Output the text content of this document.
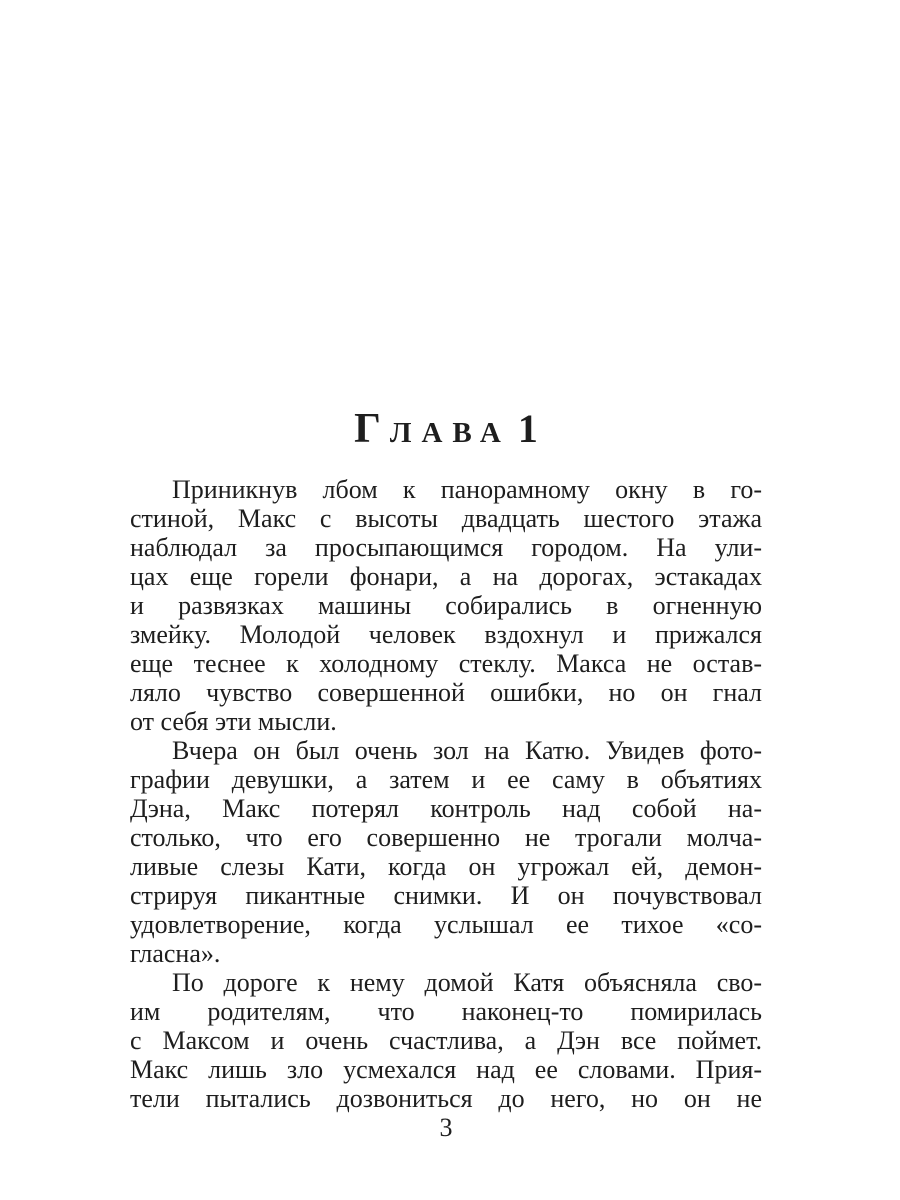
Г ЛАВА 1

Приникнув лбом к панорамному окну в го-
стиной, Макс с высоты двадцать шестого этажа
наблюдал за просыпающимся городом. На ули-
цах еще горели фонари, а на дорогах, эстакадах
и развязках машины собирались в огненную
змейку. Молодой человек вздохнул и прижался
еще теснее к холодному стеклу. Макса не остав-
ляло чувство совершенной ошибки, но он гнал
от себя эти мысли.

Вчера он был очень зол на Катю. Увидев фото-
графии девушки, а затем и ее саму в объятиях
Дэна, Макс потерял контроль над собой на-
столько, что его совершенно не трогали молча-
ливые слезы Кати, когда он угрожал ей, демон-
стрируя пикантные снимки. И он почувствовал
удовлетворение, когда услышал ее тихое «со-
гласна».

По дороге к нему домой Катя объясняла сво-
им родителям, что наконец-то помирилась
с Максом и очень счастлива, а Дэн все поймет.
Макс лишь зло усмехался над ее словами. Прия-
тели пытались дозвониться до него, но он не

3
